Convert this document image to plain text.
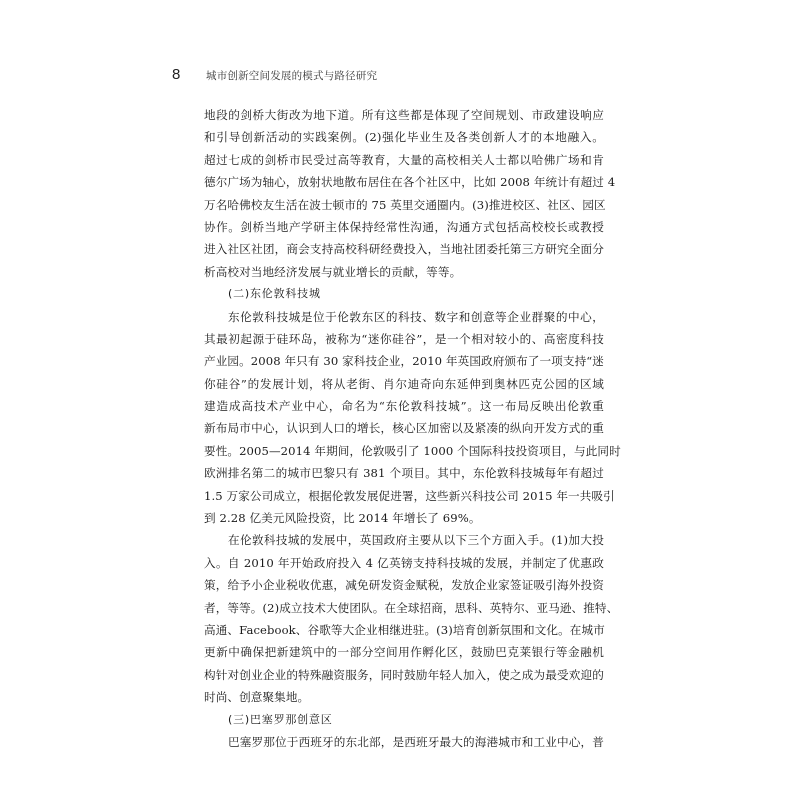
8 城市创新空间发展的模式与路径研究
地段的剑桥大街改为地下道。所有这些都是体现了空间规划、市政建设响应
和引导创新活动的实践案例。(2)强化毕业生及各类创新人才的本地融入。
超过七成的剑桥市民受过高等教育，大量的高校相关人士都以哈佛广场和肯
德尔广场为轴心，放射状地散布居住在各个社区中，比如 2008 年统计有超过 4
万名哈佛校友生活在波士顿市的 75 英里交通圈内。(3)推进校区、社区、园区
协作。剑桥当地产学研主体保持经常性沟通，沟通方式包括高校校长或教授
进入社区社团，商会支持高校科研经费投入，当地社团委托第三方研究全面分
析高校对当地经济发展与就业增长的贡献，等等。
(二)东伦敦科技城
东伦敦科技城是位于伦敦东区的科技、数字和创意等企业群聚的中心，
其最初起源于硅环岛，被称为“迷你硅谷”，是一个相对较小的、高密度科技
产业园。2008 年只有 30 家科技企业，2010 年英国政府颁布了一项支持“迷
你硅谷”的发展计划，将从老街、肖尔迪奇向东延伸到奥林匹克公园的区域
建造成高技术产业中心，命名为“东伦敦科技城”。这一布局反映出伦敦重
新布局市中心，认识到人口的增长，核心区加密以及紧凑的纵向开发方式的重
要性。2005—2014 年期间，伦敦吸引了 1000 个国际科技投资项目，与此同时
欧洲排名第二的城市巴黎只有 381 个项目。其中，东伦敦科技城每年有超过
1.5 万家公司成立，根据伦敦发展促进署，这些新兴科技公司 2015 年一共吸引
到 2.28 亿美元风险投资，比 2014 年增长了 69%。
在伦敦科技城的发展中，英国政府主要从以下三个方面入手。(1)加大投
入。自 2010 年开始政府投入 4 亿英镑支持科技城的发展，并制定了优惠政
策，给予小企业税收优惠，减免研发资金赋税，发放企业家签证吸引海外投资
者，等等。(2)成立技术大使团队。在全球招商，思科、英特尔、亚马逊、推特、
高通、Facebook、谷歌等大企业相继进驻。(3)培育创新氛围和文化。在城市
更新中确保把新建筑中的一部分空间用作孵化区，鼓励巴克莱银行等金融机
构针对创业企业的特殊融资服务，同时鼓励年轻人加入，使之成为最受欢迎的
时尚、创意聚集地。
(三)巴塞罗那创意区
巴塞罗那位于西班牙的东北部，是西班牙最大的海港城市和工业中心，普
